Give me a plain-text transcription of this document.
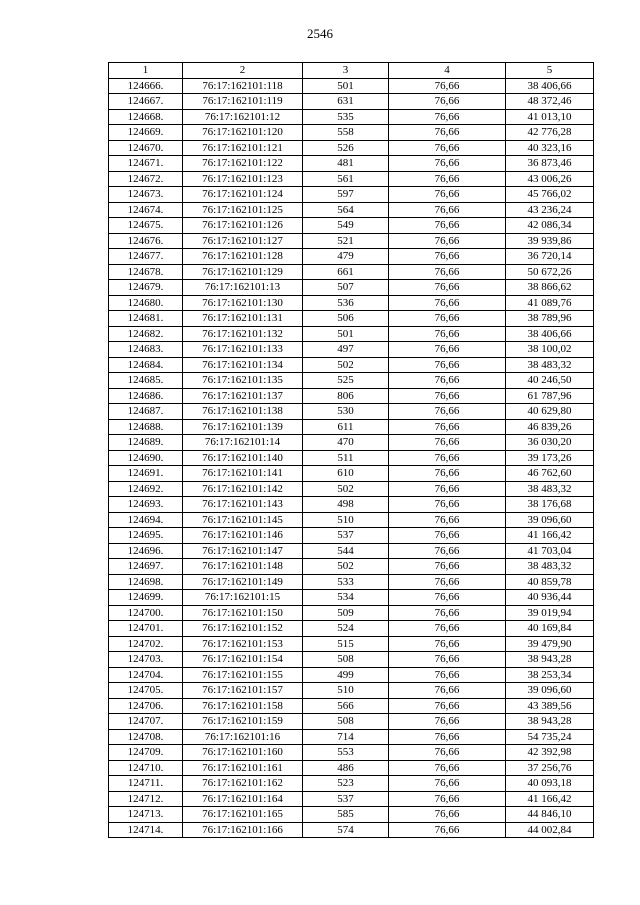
2546
1	2	3	4	5
124666.	76:17:162101:118	501	76,66	38 406,66
124667.	76:17:162101:119	631	76,66	48 372,46
124668.	76:17:162101:12	535	76,66	41 013,10
124669.	76:17:162101:120	558	76,66	42 776,28
124670.	76:17:162101:121	526	76,66	40 323,16
124671.	76:17:162101:122	481	76,66	36 873,46
124672.	76:17:162101:123	561	76,66	43 006,26
124673.	76:17:162101:124	597	76,66	45 766,02
124674.	76:17:162101:125	564	76,66	43 236,24
124675.	76:17:162101:126	549	76,66	42 086,34
124676.	76:17:162101:127	521	76,66	39 939,86
124677.	76:17:162101:128	479	76,66	36 720,14
124678.	76:17:162101:129	661	76,66	50 672,26
124679.	76:17:162101:13	507	76,66	38 866,62
124680.	76:17:162101:130	536	76,66	41 089,76
124681.	76:17:162101:131	506	76,66	38 789,96
124682.	76:17:162101:132	501	76,66	38 406,66
124683.	76:17:162101:133	497	76,66	38 100,02
124684.	76:17:162101:134	502	76,66	38 483,32
124685.	76:17:162101:135	525	76,66	40 246,50
124686.	76:17:162101:137	806	76,66	61 787,96
124687.	76:17:162101:138	530	76,66	40 629,80
124688.	76:17:162101:139	611	76,66	46 839,26
124689.	76:17:162101:14	470	76,66	36 030,20
124690.	76:17:162101:140	511	76,66	39 173,26
124691.	76:17:162101:141	610	76,66	46 762,60
124692.	76:17:162101:142	502	76,66	38 483,32
124693.	76:17:162101:143	498	76,66	38 176,68
124694.	76:17:162101:145	510	76,66	39 096,60
124695.	76:17:162101:146	537	76,66	41 166,42
124696.	76:17:162101:147	544	76,66	41 703,04
124697.	76:17:162101:148	502	76,66	38 483,32
124698.	76:17:162101:149	533	76,66	40 859,78
124699.	76:17:162101:15	534	76,66	40 936,44
124700.	76:17:162101:150	509	76,66	39 019,94
124701.	76:17:162101:152	524	76,66	40 169,84
124702.	76:17:162101:153	515	76,66	39 479,90
124703.	76:17:162101:154	508	76,66	38 943,28
124704.	76:17:162101:155	499	76,66	38 253,34
124705.	76:17:162101:157	510	76,66	39 096,60
124706.	76:17:162101:158	566	76,66	43 389,56
124707.	76:17:162101:159	508	76,66	38 943,28
124708.	76:17:162101:16	714	76,66	54 735,24
124709.	76:17:162101:160	553	76,66	42 392,98
124710.	76:17:162101:161	486	76,66	37 256,76
124711.	76:17:162101:162	523	76,66	40 093,18
124712.	76:17:162101:164	537	76,66	41 166,42
124713.	76:17:162101:165	585	76,66	44 846,10
124714.	76:17:162101:166	574	76,66	44 002,84
